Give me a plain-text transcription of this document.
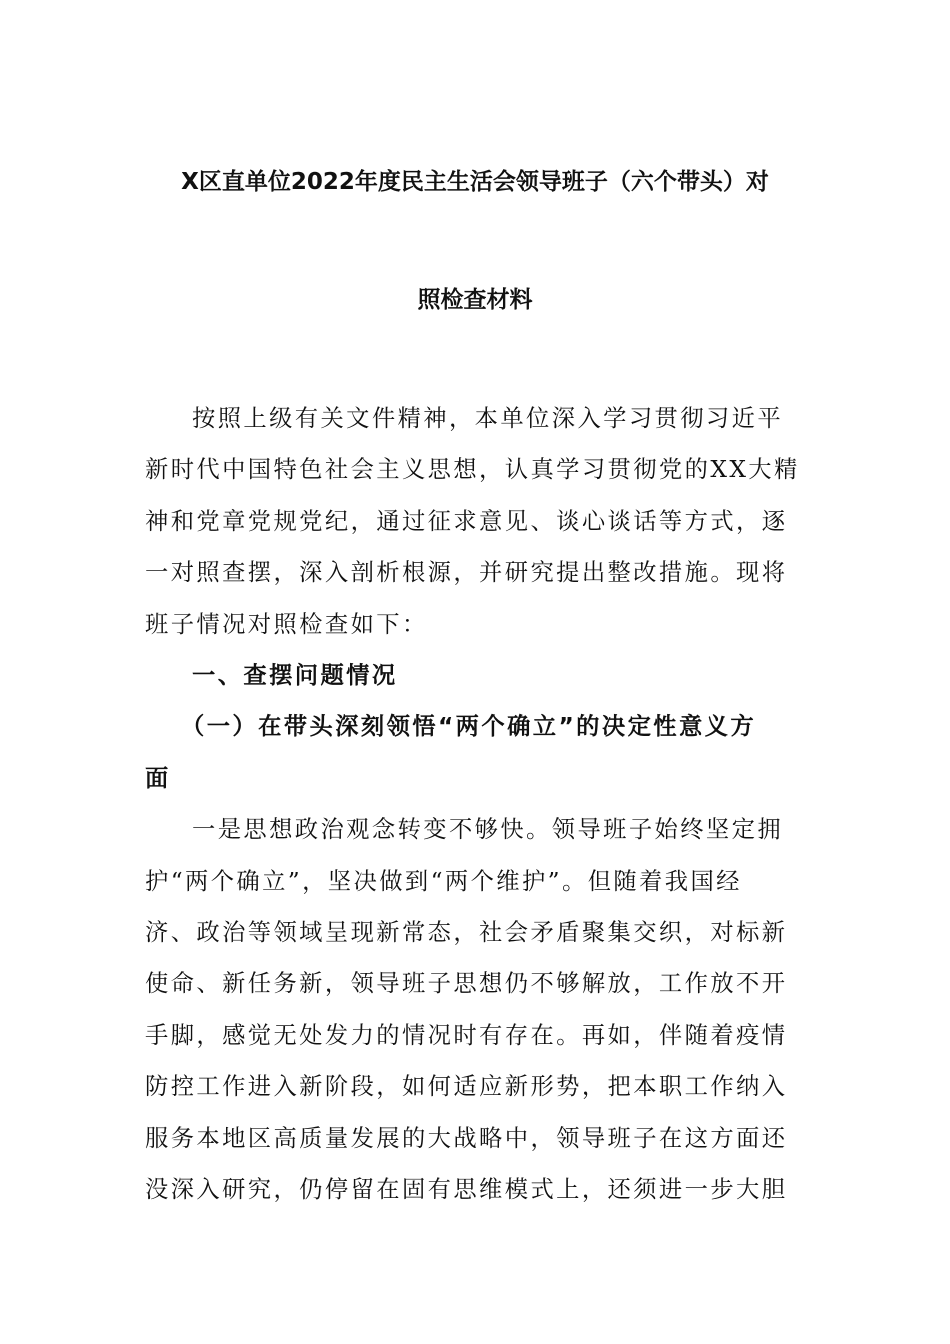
X区直单位2022年度民主生活会领导班子（六个带头）对
照检查材料
按照上级有关文件精神，本单位深入学习贯彻习近平
新时代中国特色社会主义思想，认真学习贯彻党的XX大精
神和党章党规党纪，通过征求意见、谈心谈话等方式，逐
一对照查摆，深入剖析根源，并研究提出整改措施。现将
班子情况对照检查如下：
一、查摆问题情况
（一）在带头深刻领悟“两个确立”的决定性意义方
面
一是思想政治观念转变不够快。领导班子始终坚定拥
护“两个确立”，坚决做到“两个维护”。但随着我国经
济、政治等领域呈现新常态，社会矛盾聚集交织，对标新
使命、新任务新，领导班子思想仍不够解放，工作放不开
手脚，感觉无处发力的情况时有存在。再如，伴随着疫情
防控工作进入新阶段，如何适应新形势，把本职工作纳入
服务本地区高质量发展的大战略中，领导班子在这方面还
没深入研究，仍停留在固有思维模式上，还须进一步大胆
